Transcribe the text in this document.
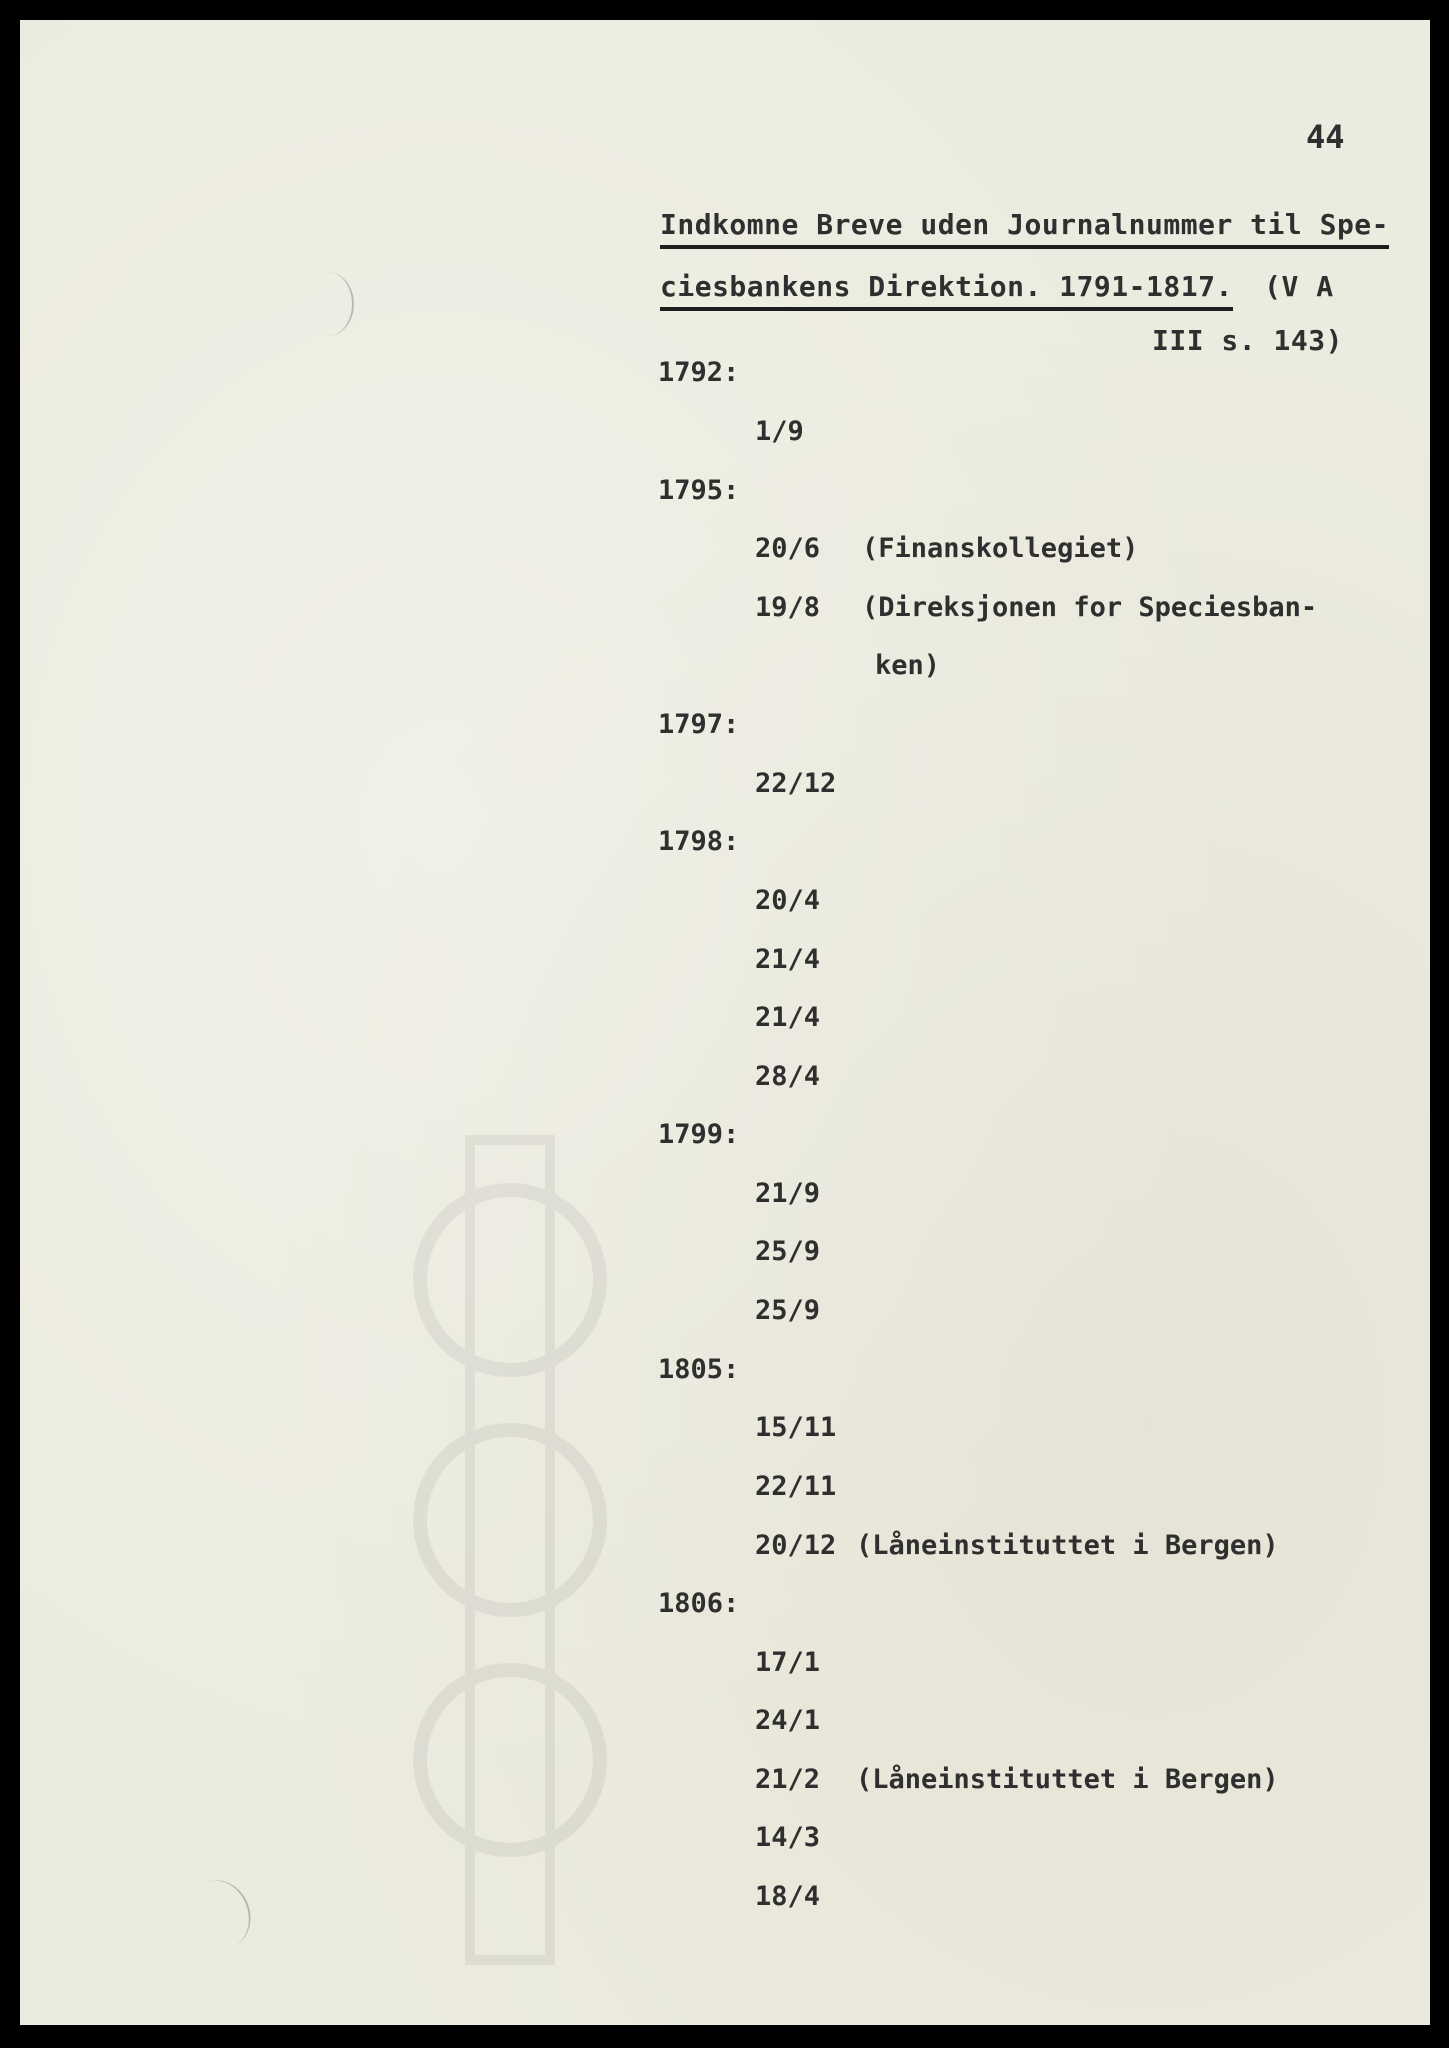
44
Indkomne Breve uden Journalnummer til Spe-
ciesbankens Direktion. 1791-1817. (V A
III s. 143)
1792:
1/9
1795:
20/6	(Finanskollegiet)
19/8	(Direksjonen for Speciesban-
ken)
1797:
22/12
1798:
20/4
21/4
21/4
28/4
1799:
21/9
25/9
25/9
1805:
15/11
22/11
20/12 (Låneinstituttet i Bergen)
1806:
17/1
24/1
21/2	(Låneinstituttet i Bergen)
14/3
18/4
